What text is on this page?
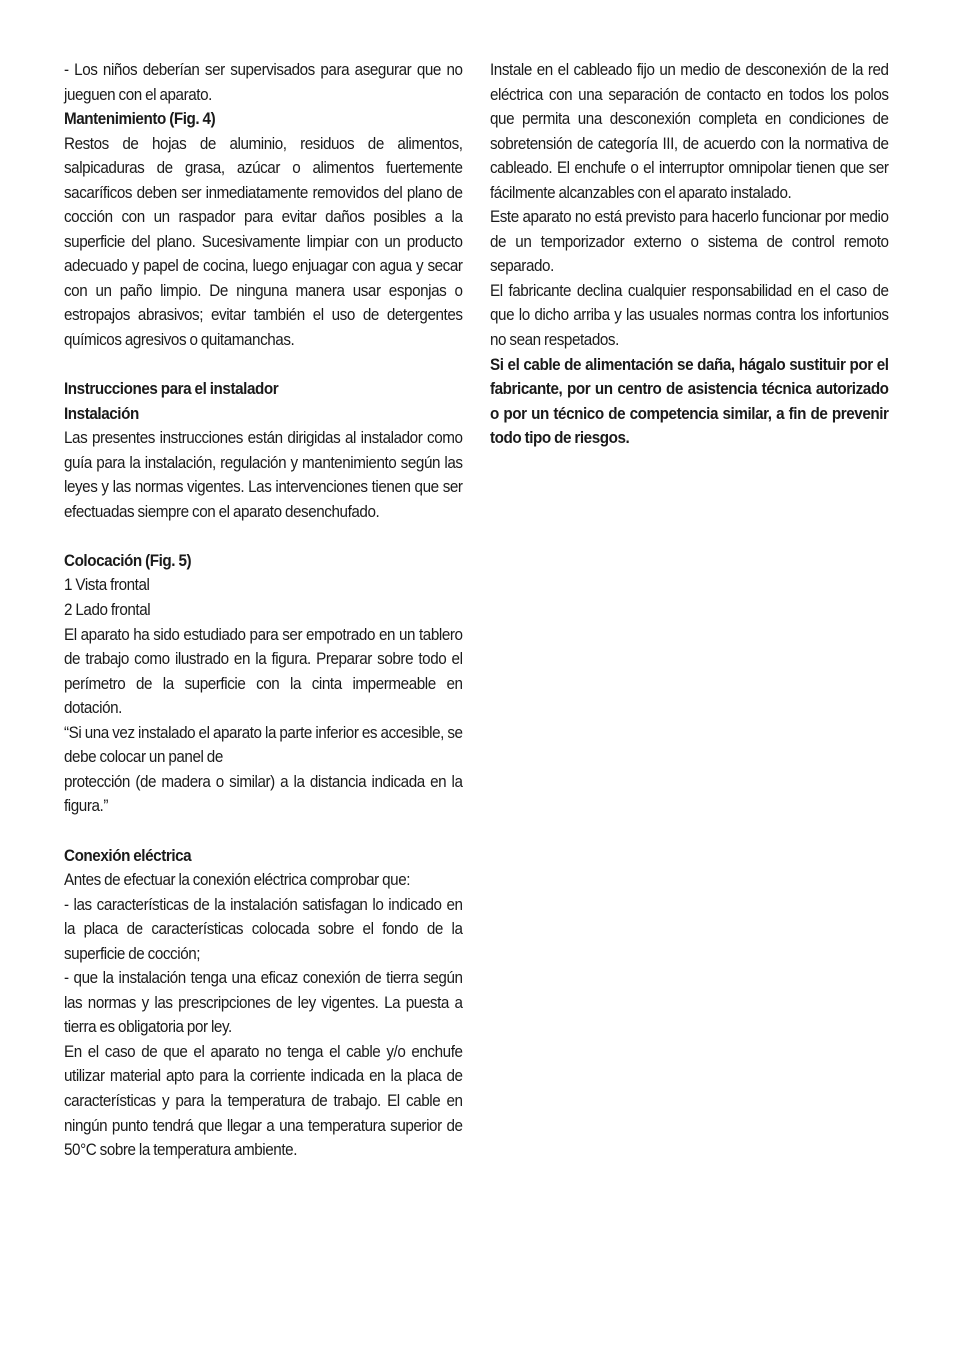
- Los niños deberían ser supervisados para asegurar que no jueguen con el aparato.

Mantenimiento (Fig. 4)

Restos de hojas de aluminio, residuos de alimentos, salpicaduras de grasa, azúcar o alimentos fuertemente sacaríficos deben ser inmediatamente removidos del plano de cocción con un raspador para evitar daños posibles a la superficie del plano. Sucesivamente limpiar con un producto adecuado y papel de cocina, luego enjuagar con agua y secar con un paño limpio. De ninguna manera usar esponjas o estropajos abrasivos; evitar también el uso de detergentes químicos agresivos o quitamanchas.

Instrucciones para el instalador

Instalación

Las presentes instrucciones están dirigidas al instalador como guía para la instalación, regulación y mantenimiento según las leyes y las normas vigentes. Las intervenciones tienen que ser efectuadas siempre con el aparato desenchufado.

Colocación (Fig. 5)

1 Vista frontal

2 Lado frontal

El aparato ha sido estudiado para ser empotrado en un tablero de trabajo como ilustrado en la figura. Preparar sobre todo el perímetro de la superficie con la cinta impermeable en dotación.

“Si una vez instalado el aparato la parte inferior es accesible, se debe colocar un panel de

protección (de madera o similar) a la distancia indicada en la figura.”

Conexión eléctrica

Antes de efectuar la conexión eléctrica comprobar que:

- las características de la instalación satisfagan lo indicado en la placa de características colocada sobre el fondo de la superficie de cocción;

- que la instalación tenga una eficaz conexión de tierra según las normas y las prescripciones de ley vigentes. La puesta a tierra es obligatoria por ley.

En el caso de que el aparato no tenga el cable y/o enchufe utilizar material apto para la corriente indicada en la placa de características y para la temperatura de trabajo. El cable en ningún punto tendrá que llegar a una temperatura superior de 50°C sobre la temperatura ambiente.

Instale en el cableado fijo un medio de desconexión de la red eléctrica con una separación de contacto en todos los polos que permita una desconexión completa en condiciones de sobretensión de categoría III, de acuerdo con la normativa de cableado. El enchufe o el interruptor omnipolar tienen que ser fácilmente alcanzables con el aparato instalado.

Este aparato no está previsto para hacerlo funcionar por medio de un temporizador externo o sistema de control remoto separado.

El fabricante declina cualquier responsabilidad en el caso de que lo dicho arriba y las usuales normas contra los infortunios no sean respetados.

Si el cable de alimentación se daña, hágalo sustituir por el fabricante, por un centro de asistencia técnica autorizado o por un técnico de competencia similar, a fin de prevenir todo tipo de riesgos.
